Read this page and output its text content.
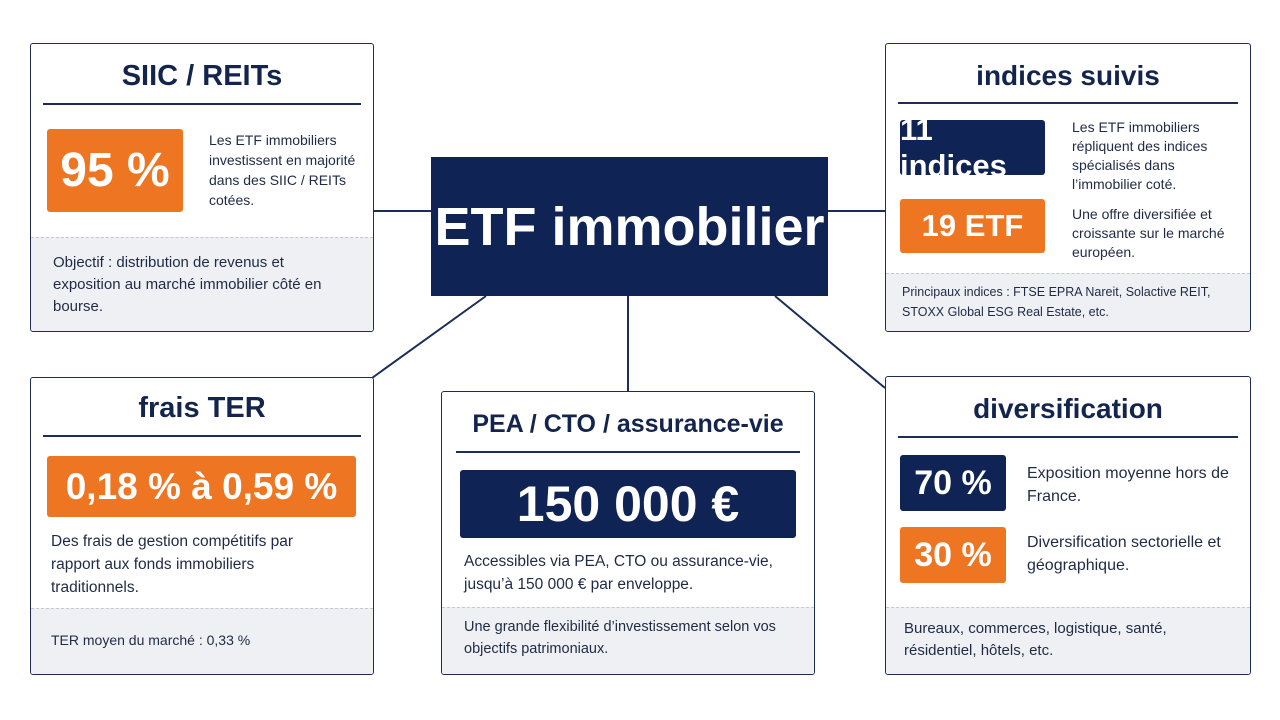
ETF immobilier
SIIC / REITs
95 %
Les ETF immobiliers investissent en majorité dans des SIIC / REITs cotées.
Objectif : distribution de revenus et exposition au marché immobilier côté en bourse.
indices suivis
11 indices
Les ETF immobiliers répliquent des indices spécialisés dans l’immobilier coté.
19 ETF	Une offre diversifiée et croissante sur le marché européen.
Principaux indices : FTSE EPRA Nareit, Solactive REIT, STOXX Global ESG Real Estate, etc.
frais TER
0,18 % à 0,59 %
Des frais de gestion compétitifs par rapport aux fonds immobiliers traditionnels.
TER moyen du marché : 0,33 %
PEA / CTO / assurance-vie
150 000 €
Accessibles via PEA, CTO ou assurance-vie, jusqu’à 150 000 € par enveloppe.
Une grande flexibilité d’investissement selon vos objectifs patrimoniaux.
diversification
70 %	Exposition moyenne hors de France.
30 %	Diversification sectorielle et géographique.
Bureaux, commerces, logistique, santé, résidentiel, hôtels, etc.
